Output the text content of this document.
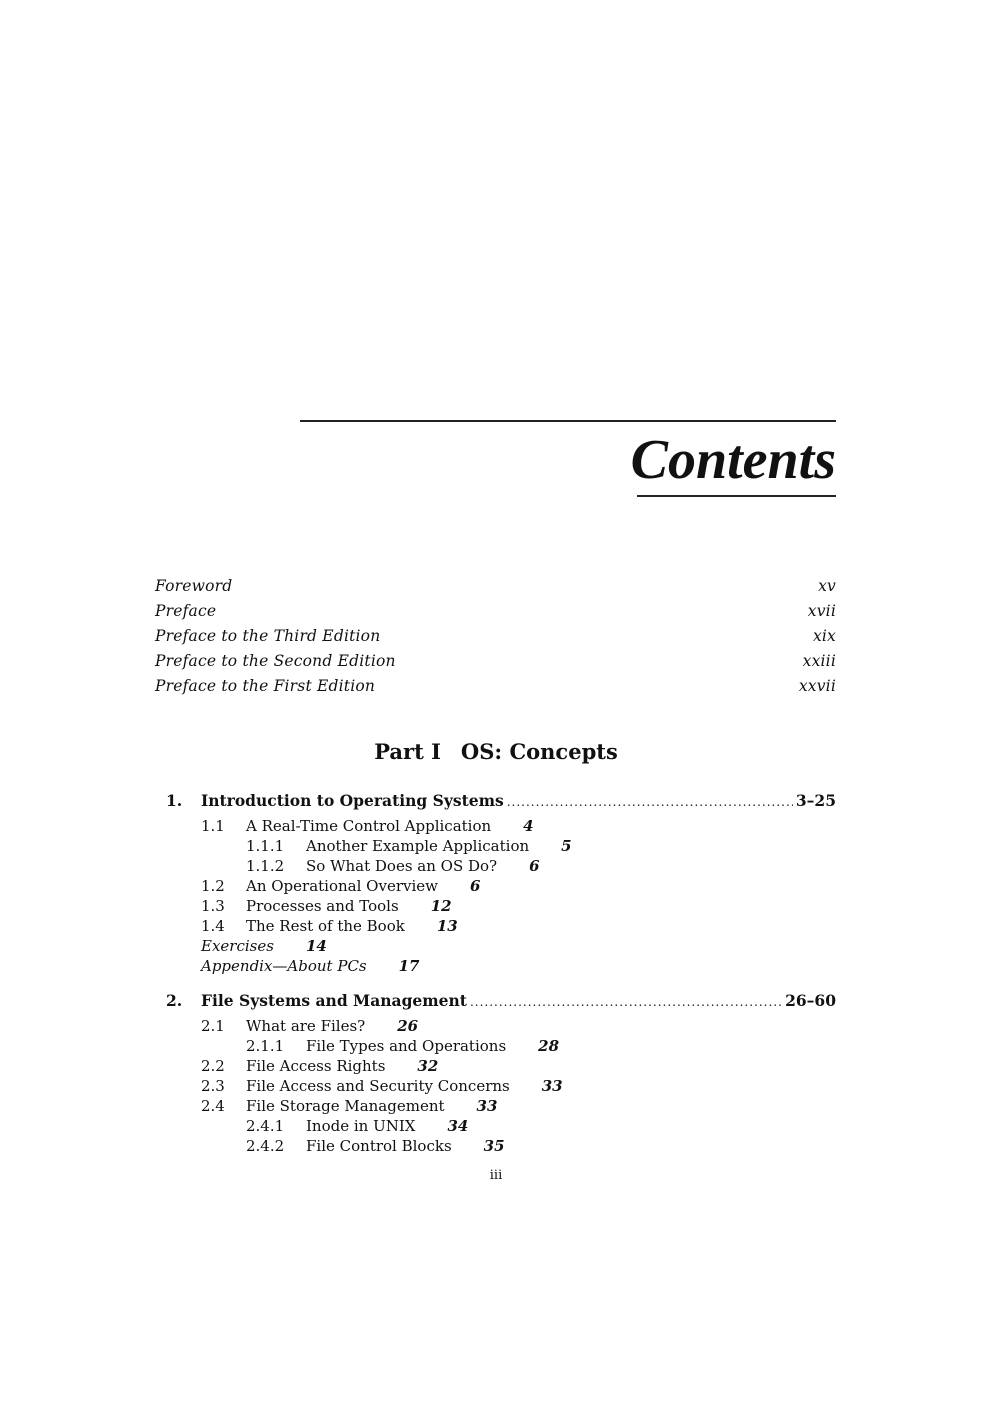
Contents
Foreword	xv
Preface	xvii
Preface to the Third Edition	xix
Preface to the Second Edition	xxiii
Preface to the First Edition	xxvii
Part I OS: Concepts
1.	Introduction to Operating Systems .....	3–25
1.1	A Real-Time Control Application 4
1.1.1	Another Example Application 5
1.1.2	So What Does an OS Do? 6
1.2	An Operational Overview 6
1.3	Processes and Tools 12
1.4	The Rest of the Book 13
Exercises 14
Appendix—About PCs 17
2.	File Systems and Management .....	26–60
2.1	What are Files? 26
2.1.1	File Types and Operations 28
2.2	File Access Rights 32
2.3	File Access and Security Concerns 33
2.4	File Storage Management 33
2.4.1	Inode in UNIX 34
2.4.2	File Control Blocks 35
iii
